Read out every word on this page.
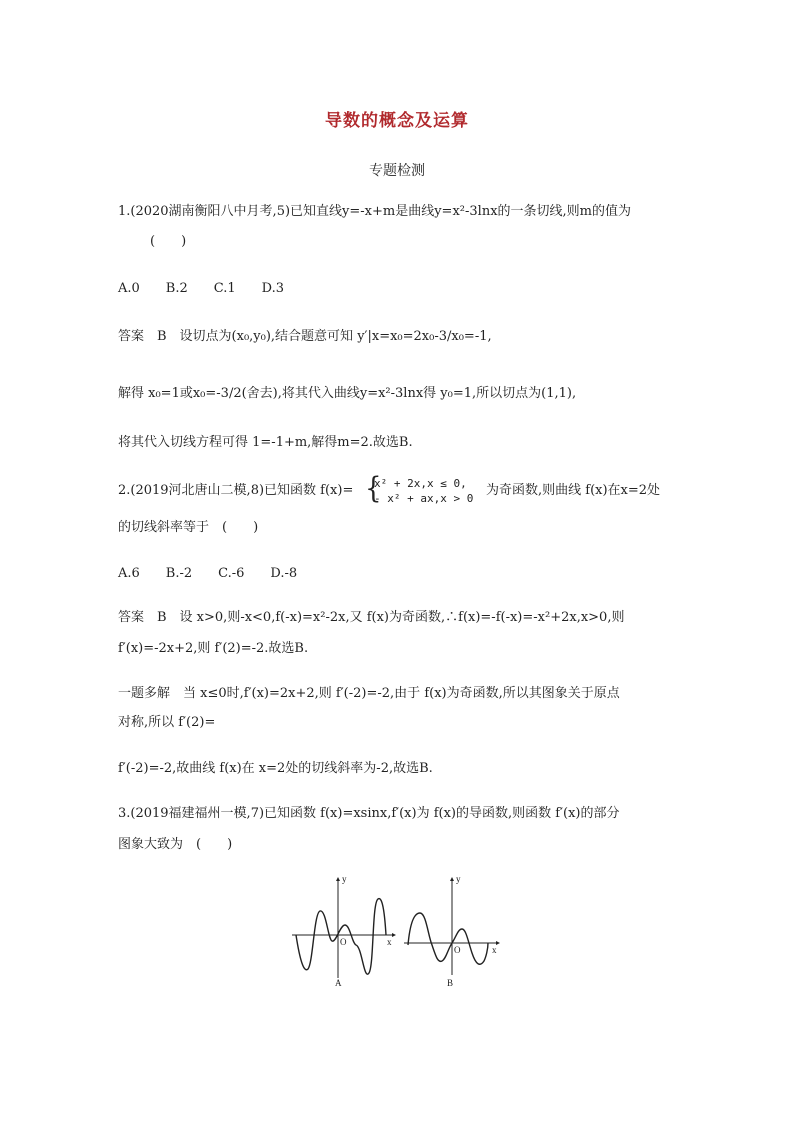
导数的概念及运算
专题检测
1.(2020湖南衡阳八中月考,5)已知直线y=-x+m是曲线y=x²-3lnx的一条切线,则m的值为
(　　)
A.0　　B.2　　C.1　　D.3
答案　B　设切点为(x₀,y₀),结合题意可知 y′|x=x₀=2x₀-3/x₀=-1,
解得 x₀=1或x₀=-3/2(舍去),将其代入曲线y=x²-3lnx得 y₀=1,所以切点为(1,1),
将其代入切线方程可得 1=-1+m,解得m=2.故选B.
2.(2019河北唐山二模,8)已知函数 f(x)= {
x² + 2x,x ≤ 0,
- x² + ax,x > 0
为奇函数,则曲线 f(x)在x=2处
的切线斜率等于　(　　)
A.6　　B.-2　　C.-6　　D.-8
答案　B　设 x>0,则-x<0,f(-x)=x²-2x,又 f(x)为奇函数,∴f(x)=-f(-x)=-x²+2x,x>0,则
f′(x)=-2x+2,则 f′(2)=-2.故选B.
一题多解　当 x≤0时,f′(x)=2x+2,则 f′(-2)=-2,由于 f(x)为奇函数,所以其图象关于原点
对称,所以 f′(2)=
f′(-2)=-2,故曲线 f(x)在 x=2处的切线斜率为-2,故选B.
3.(2019福建福州一模,7)已知函数 f(x)=xsinx,f′(x)为 f(x)的导函数,则函数 f′(x)的部分
图象大致为　(　　)
y
x
O
A
y
x
O
B
